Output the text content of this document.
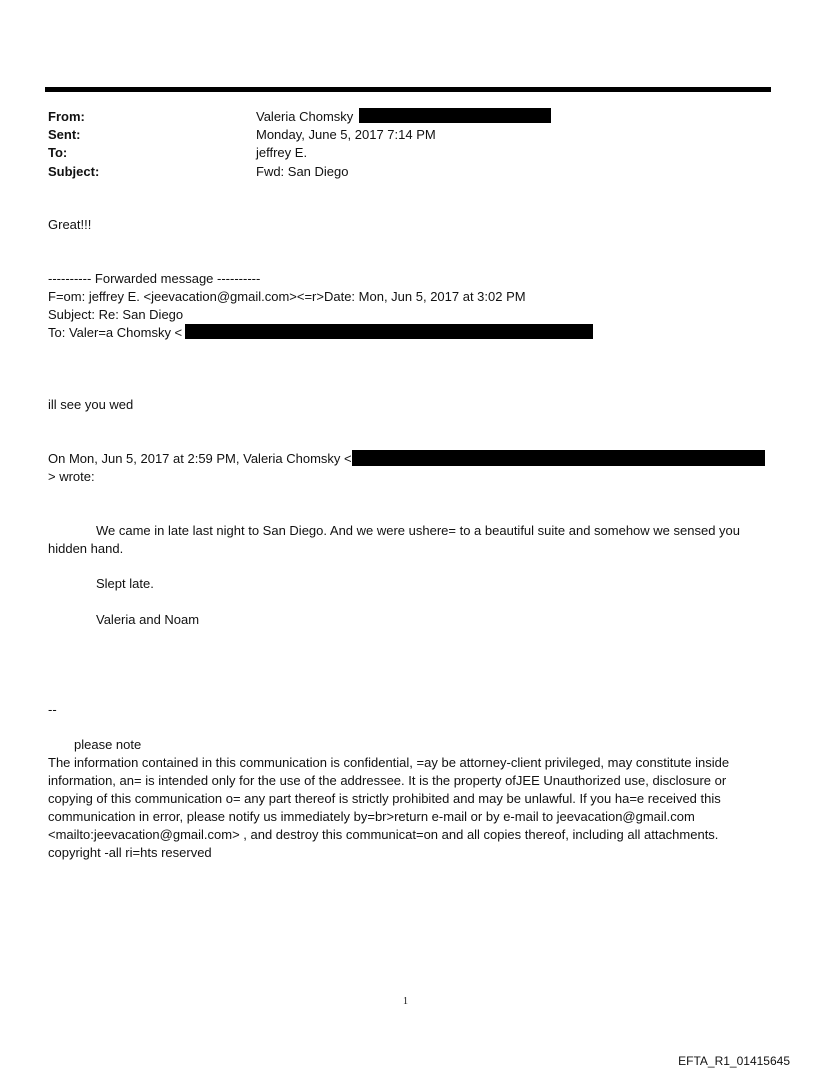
From:	Valeria Chomsky
Sent:	Monday, June 5, 2017 7:14 PM
To:	jeffrey E.
Subject:	Fwd: San Diego
Great!!!
---------- Forwarded message ----------
F=om: jeffrey E. <jeevacation@gmail.com><=r>Date: Mon, Jun 5, 2017 at 3:02 PM
Subject: Re: San Diego
To: Valer=a Chomsky <
ill see you wed
On Mon, Jun 5, 2017 at 2:59 PM, Valeria Chomsky <
> wrote:
We came in late last night to San Diego. And we were ushere= to a beautiful suite and somehow we sensed you hidden hand.
Slept late.
Valeria and Noam
--
please note
The information contained in this communication is confidential, =ay be attorney-client privileged, may constitute inside information, an= is intended only for the use of the addressee. It is the property ofJEE Unauthorized use, disclosure or copying of this communication o= any part thereof is strictly prohibited and may be unlawful. If you ha=e received this communication in error, please notify us immediately by=br>return e-mail or by e-mail to jeevacation@gmail.com <mailto:jeevacation@gmail.com> , and destroy this communicat=on and all copies thereof, including all attachments. copyright -all ri=hts reserved
1
EFTA_R1_01415645
